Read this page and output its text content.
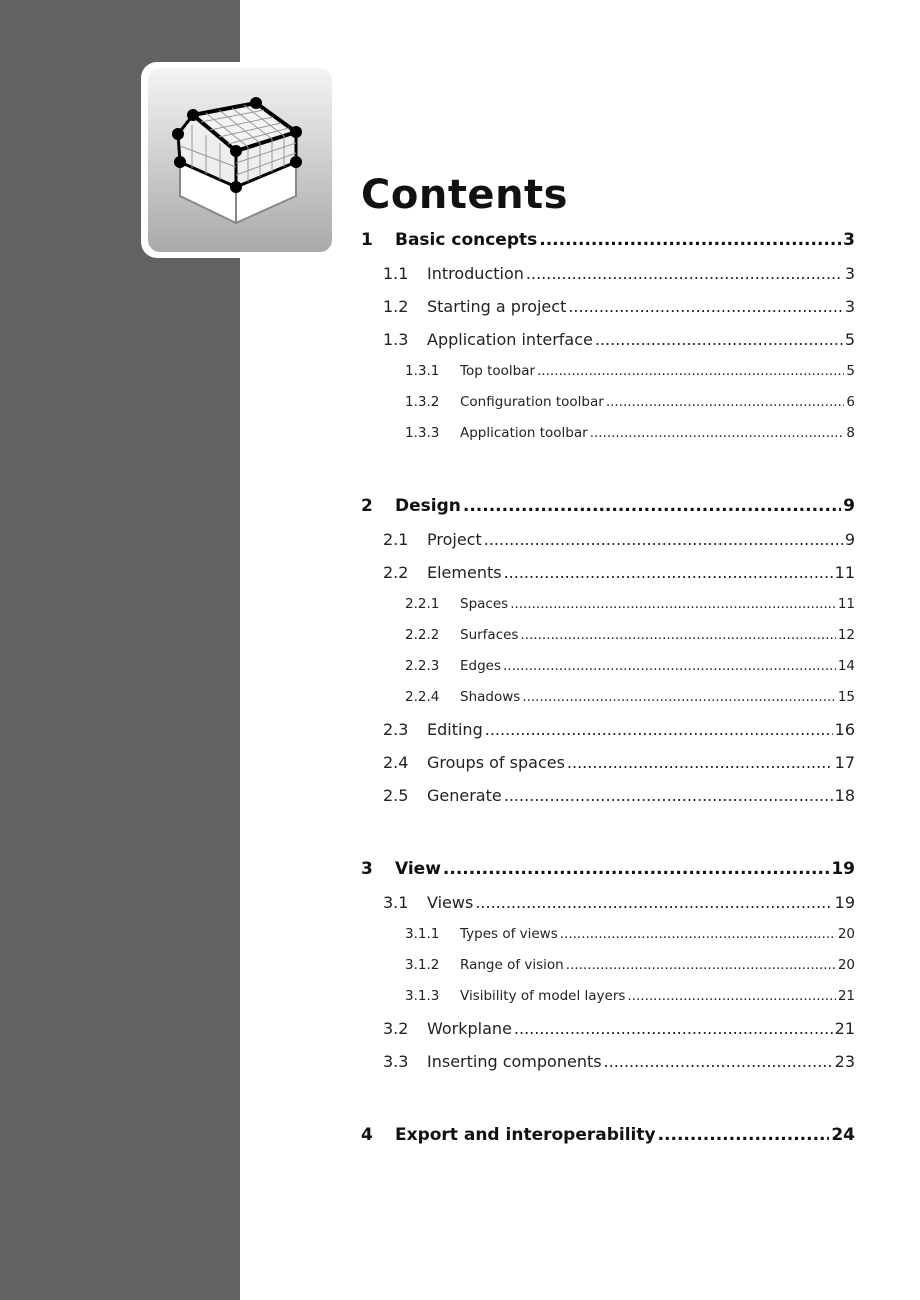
Contents
1	Basic concepts .....	3
1.1	Introduction .....	3
1.2	Starting a project .....	3
1.3	Application interface .....	5
1.3.1	Top toolbar .....	5
1.3.2	Configuration toolbar .....	6
1.3.3	Application toolbar .....	8
2	Design .....	9
2.1	Project .....	9
2.2	Elements .....	11
2.2.1	Spaces .....	11
2.2.2	Surfaces .....	12
2.2.3	Edges .....	14
2.2.4	Shadows .....	15
2.3	Editing .....	16
2.4	Groups of spaces .....	17
2.5	Generate .....	18
3	View .....	19
3.1	Views .....	19
3.1.1	Types of views .....	20
3.1.2	Range of vision .....	20
3.1.3	Visibility of model layers .....	21
3.2	Workplane .....	21
3.3	Inserting components .....	23
4	Export and interoperability .....	24
